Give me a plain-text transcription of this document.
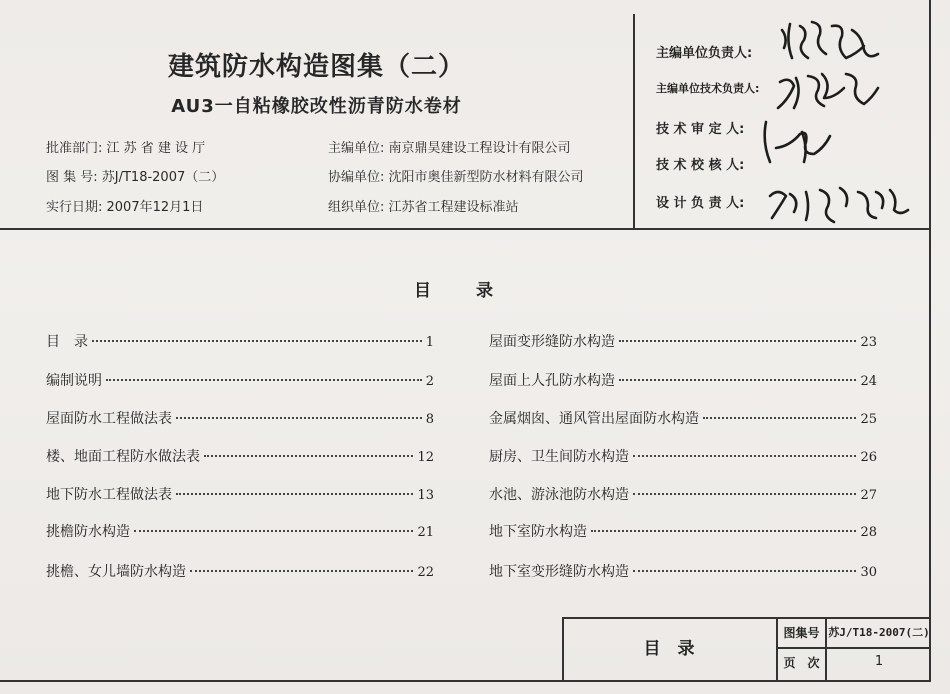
建筑防水构造图集（二）
AU3一自粘橡胶改性沥青防水卷材
批准部门: 江 苏 省 建 设 厅
图 集 号: 苏J/T18-2007（二）
实行日期: 2007年12月1日
主编单位: 南京鼎昊建设工程设计有限公司
协编单位: 沈阳市奥佳新型防水材料有限公司
组织单位: 江苏省工程建设标准站
主编单位负责人:
主编单位技术负责人:
技 术 审 定 人:
技 术 校 核 人:
设 计 负 责 人:
目	录
目　录	1
编制说明	2
屋面防水工程做法表	8
楼、地面工程防水做法表	12
地下防水工程做法表	13
挑檐防水构造	21
挑檐、女儿墙防水构造	22
屋面变形缝防水构造	23
屋面上人孔防水构造	24
金属烟囱、通风管出屋面防水构造	25
厨房、卫生间防水构造	26
水池、游泳池防水构造	27
地下室防水构造	28
地下室变形缝防水构造	30
目　录
图集号 苏J/T18-2007(二)
页　次	1
